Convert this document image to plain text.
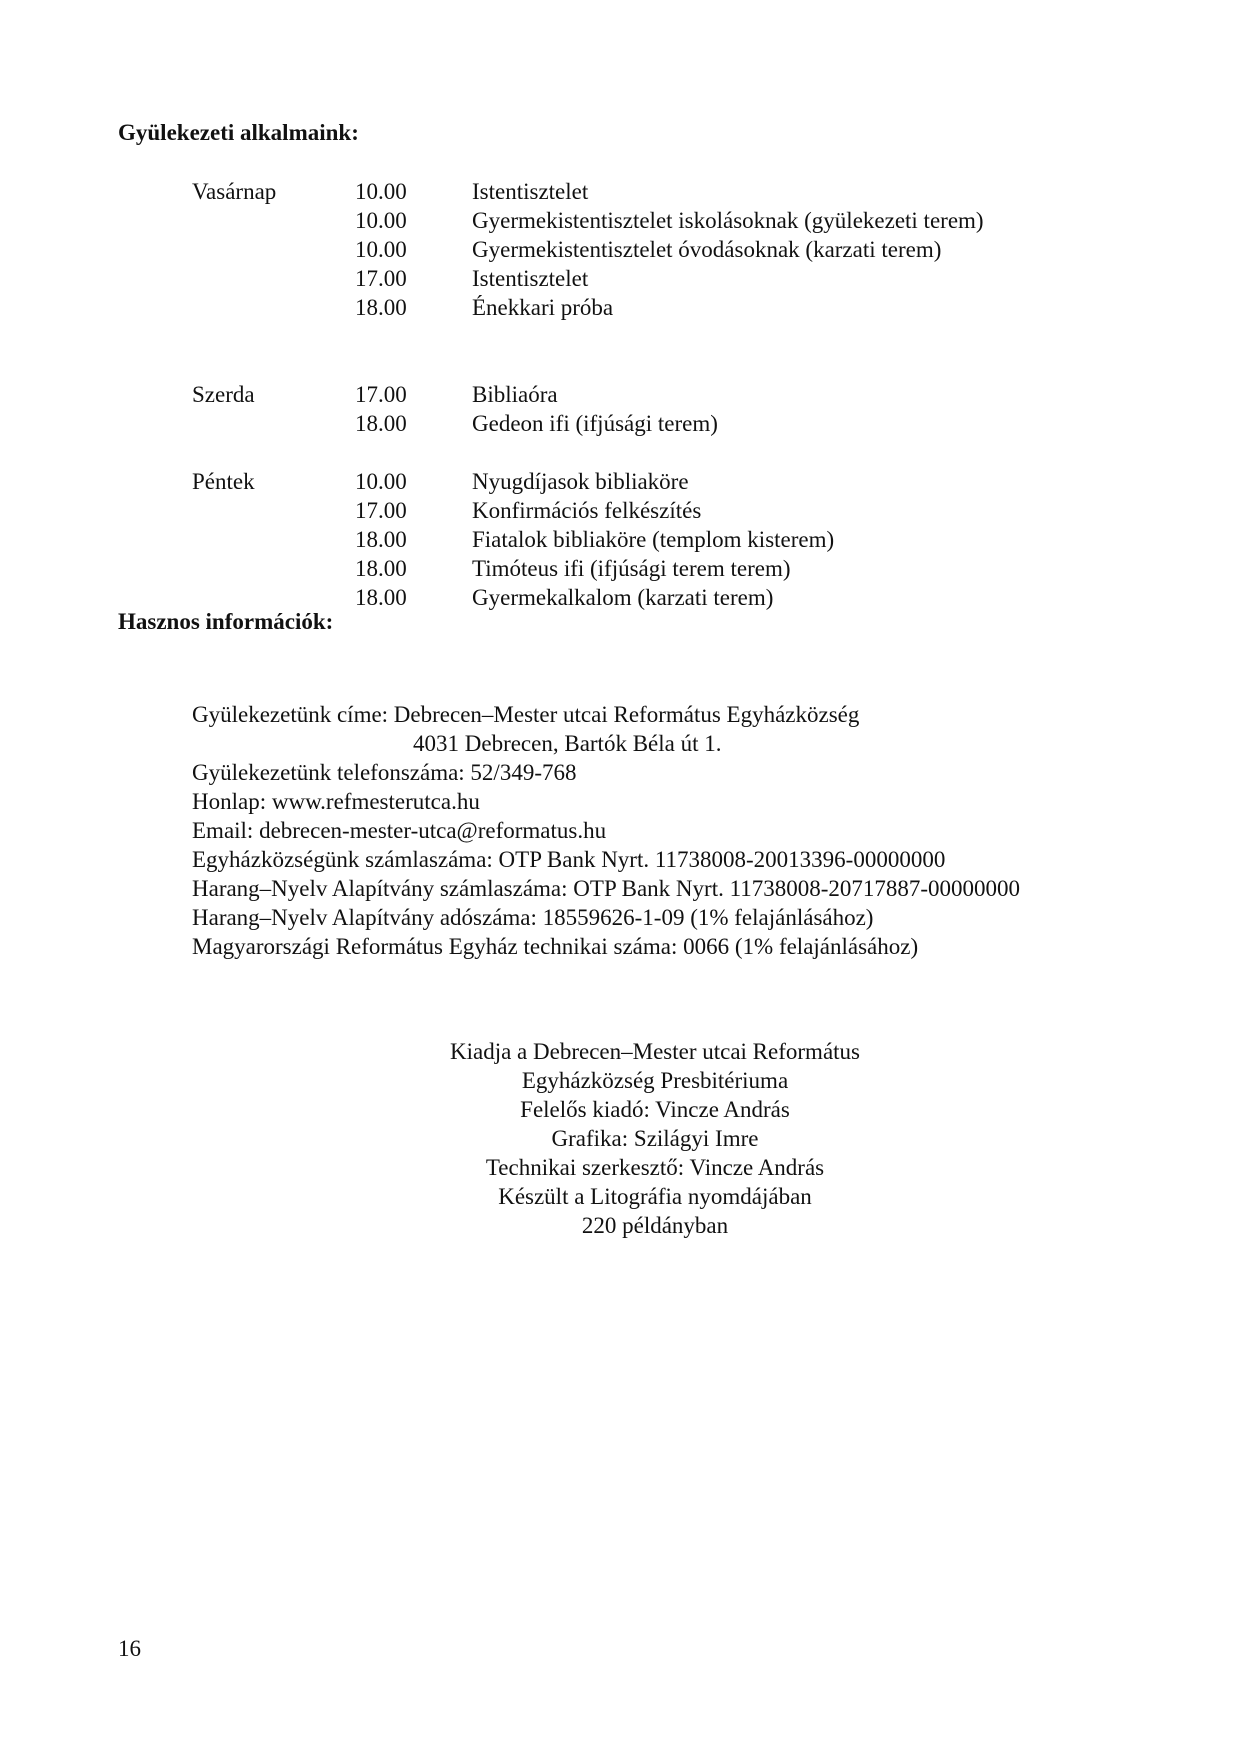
Gyülekezeti alkalmaink:
Vasárnap	10.00	Istentisztelet
10.00	Gyermekistentisztelet iskolásoknak (gyülekezeti terem)
10.00	Gyermekistentisztelet óvodásoknak (karzati terem)
17.00	Istentisztelet
18.00	Énekkari próba
Szerda	17.00	Bibliaóra
18.00	Gedeon ifi (ifjúsági terem)
Péntek	10.00	Nyugdíjasok bibliaköre
17.00	Konfirmációs felkészítés
18.00	Fiatalok bibliaköre (templom kisterem)
18.00	Timóteus ifi (ifjúsági terem terem)
18.00	Gyermekalkalom (karzati terem)
Hasznos információk:
Gyülekezetünk címe: Debrecen–Mester utcai Református Egyházközség
4031 Debrecen, Bartók Béla út 1.
Gyülekezetünk telefonszáma: 52/349-768
Honlap: www.refmesterutca.hu
Email: debrecen-mester-utca@reformatus.hu
Egyházközségünk számlaszáma: OTP Bank Nyrt. 11738008-20013396-00000000
Harang–Nyelv Alapítvány számlaszáma: OTP Bank Nyrt. 11738008-20717887-00000000
Harang–Nyelv Alapítvány adószáma: 18559626-1-09 (1% felajánlásához)
Magyarországi Református Egyház technikai száma: 0066 (1% felajánlásához)
Kiadja a Debrecen–Mester utcai Református
Egyházközség Presbitériuma
Felelős kiadó: Vincze András
Grafika: Szilágyi Imre
Technikai szerkesztő: Vincze András
Készült a Litográfia nyomdájában
220 példányban
16
